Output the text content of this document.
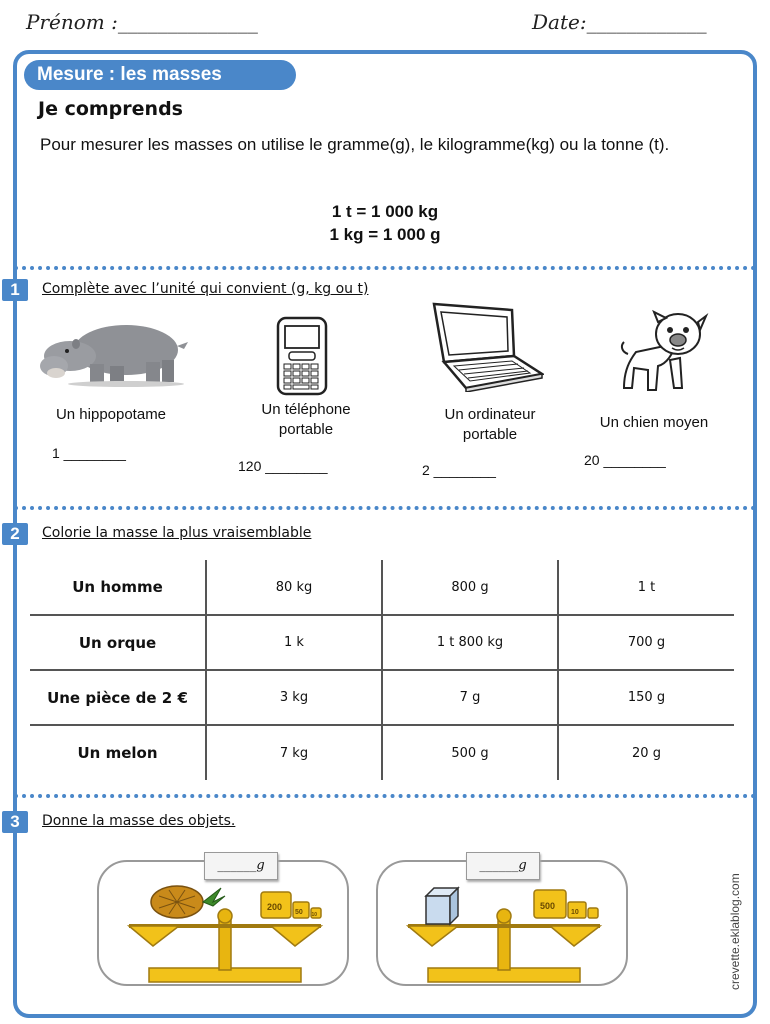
Prénom :______________	Date:____________
Mesure : les masses
Je comprends
Pour mesurer les masses on utilise le gramme(g), le kilogramme(kg) ou la tonne (t).
1 t = 1 000 kg
1 kg = 1 000 g
1	Complète avec l’unité qui convient (g, kg ou t)
Un hippopotame
1 ________
Un téléphone portable
120 ________
Un ordinateur portable
2 ________
Un chien moyen
20 ________
2	Colorie la masse la plus vraisemblable
Un homme	80 kg	800 g	1 t
Un orque	1 k	1 t 800 kg	700 g
Une pièce de 2 €	3 kg	7 g	150 g
Un melon	7 kg	500 g	20 g
3	Donne la masse des objets.
200
50 10
______g
500
10
______g
crevette.eklablog.com
